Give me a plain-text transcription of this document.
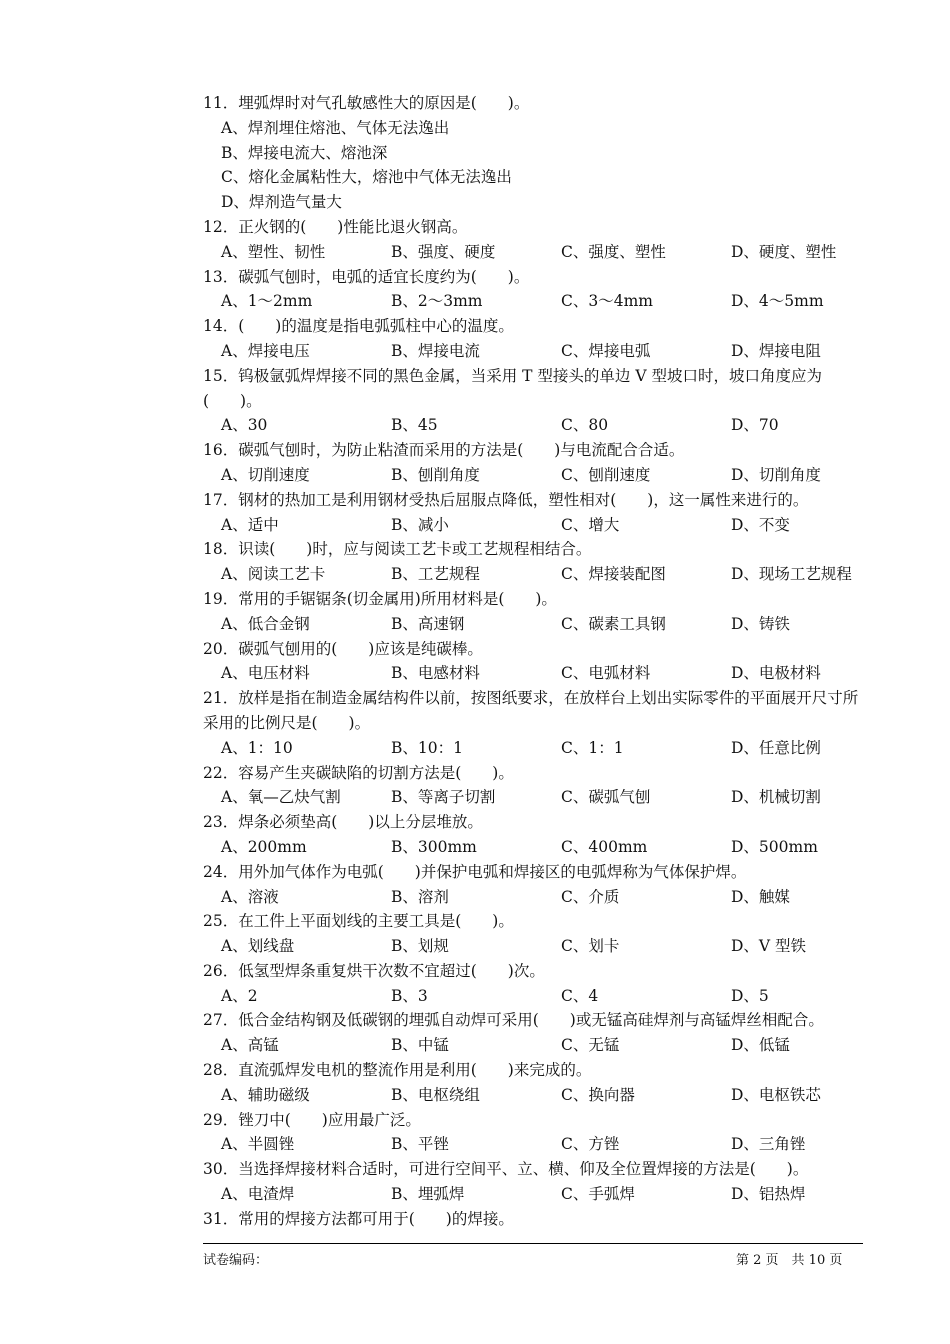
11．埋弧焊时对气孔敏感性大的原因是(　　)。
A、焊剂埋住熔池、气体无法逸出
B、焊接电流大、熔池深
C、熔化金属粘性大，熔池中气体无法逸出
D、焊剂造气量大
12．正火钢的(　　)性能比退火钢高。
A、塑性、韧性	B、强度、硬度	C、强度、塑性	D、硬度、塑性
13．碳弧气刨时，电弧的适宜长度约为(　　)。
A、1～2mm	B、2～3mm	C、3～4mm	D、4～5mm
14．(　　)的温度是指电弧弧柱中心的温度。
A、焊接电压	B、焊接电流	C、焊接电弧	D、焊接电阻
15．钨极氩弧焊焊接不同的黑色金属，当采用 T 型接头的单边 V 型坡口时，坡口角度应为(　　)。
A、30	B、45	C、80	D、70
16．碳弧气刨时，为防止粘渣而采用的方法是(　　)与电流配合合适。
A、切削速度	B、刨削角度	C、刨削速度	D、切削角度
17．钢材的热加工是利用钢材受热后屈服点降低，塑性相对(　　)，这一属性来进行的。
A、适中	B、减小	C、增大	D、不变
18．识读(　　)时，应与阅读工艺卡或工艺规程相结合。
A、阅读工艺卡	B、工艺规程	C、焊接装配图	D、现场工艺规程
19．常用的手锯锯条(切金属用)所用材料是(　　)。
A、低合金钢	B、高速钢	C、碳素工具钢	D、铸铁
20．碳弧气刨用的(　　)应该是纯碳棒。
A、电压材料	B、电感材料	C、电弧材料	D、电极材料
21．放样是指在制造金属结构件以前，按图纸要求，在放样台上划出实际零件的平面展开尺寸所采用的比例尺是(　　)。
A、1：10	B、10：1	C、1：1	D、任意比例
22．容易产生夹碳缺陷的切割方法是(　　)。
A、氧—乙炔气割	B、等离子切割	C、碳弧气刨	D、机械切割
23．焊条必须垫高(　　)以上分层堆放。
A、200mm	B、300mm	C、400mm	D、500mm
24．用外加气体作为电弧(　　)并保护电弧和焊接区的电弧焊称为气体保护焊。
A、溶液	B、溶剂	C、介质	D、触媒
25．在工件上平面划线的主要工具是(　　)。
A、划线盘	B、划规	C、划卡	D、V 型铁
26．低氢型焊条重复烘干次数不宜超过(　　)次。
A、2	B、3	C、4	D、5
27．低合金结构钢及低碳钢的埋弧自动焊可采用(　　)或无锰高硅焊剂与高锰焊丝相配合。
A、高锰	B、中锰	C、无锰	D、低锰
28．直流弧焊发电机的整流作用是利用(　　)来完成的。
A、辅助磁级	B、电枢绕组	C、换向器	D、电枢铁芯
29．锉刀中(　　)应用最广泛。
A、半圆锉	B、平锉	C、方锉	D、三角锉
30．当选择焊接材料合适时，可进行空间平、立、横、仰及全位置焊接的方法是(　　)。
A、电渣焊	B、埋弧焊	C、手弧焊	D、铝热焊
31．常用的焊接方法都可用于(　　)的焊接。
试卷编码：	第 2 页　共 10 页
